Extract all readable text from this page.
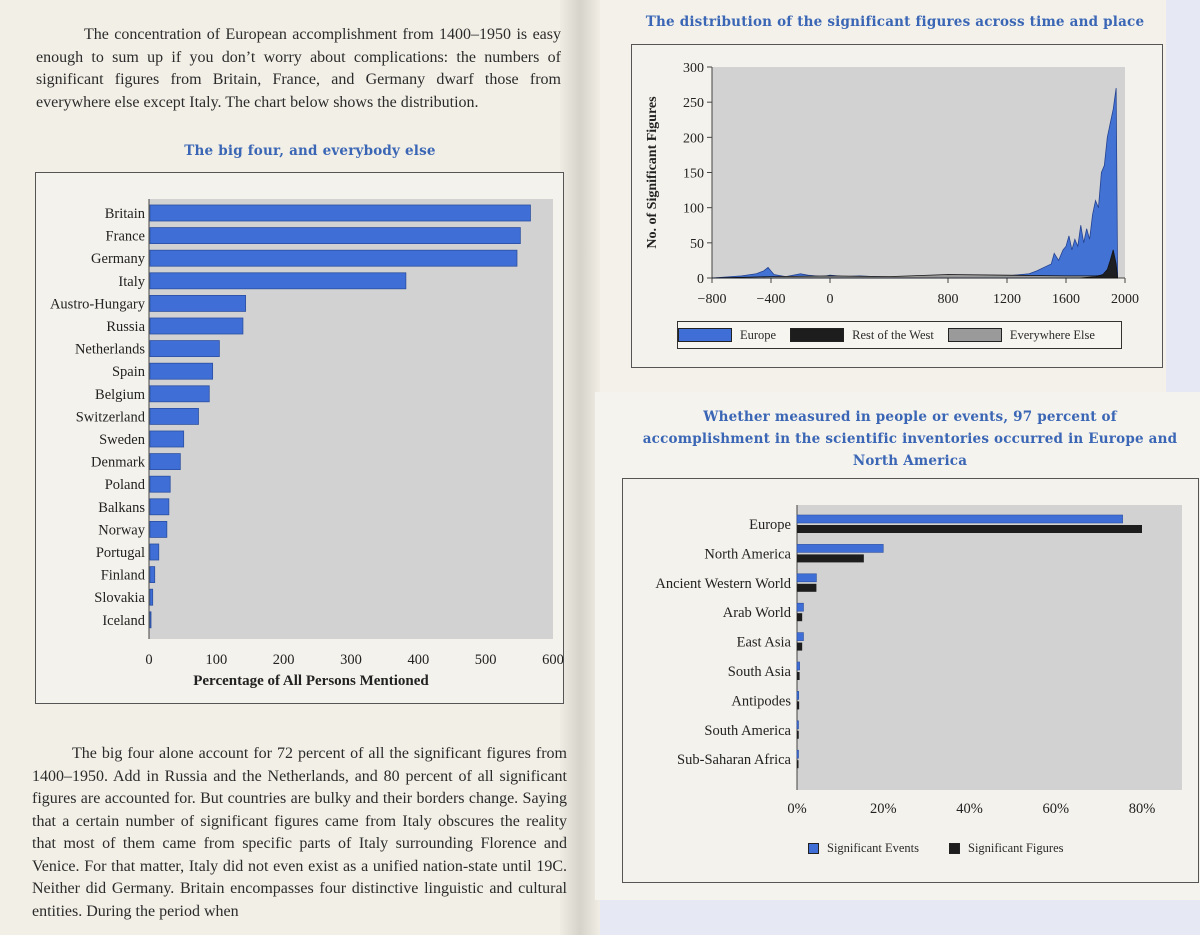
The concentration of European accomplishment from 1400–1950 is easy enough to sum up if you don’t worry about complications: the numbers of significant figures from Britain, France, and Germany dwarf those from everywhere else except Italy. The chart below shows the distribution.

The big four, and everybody else
Britain
France
Germany
Italy
Austro-Hungary
Russia
Netherlands
Spain
Belgium
Switzerland
Sweden
Denmark
Poland
Balkans
Norway
Portugal
Finland
Slovakia
Iceland
0	100	200	300	400	500	600
Percentage of All Persons Mentioned

The big four alone account for 72 percent of all the significant figures from 1400–1950. Add in Russia and the Netherlands, and 80 percent of all significant figures are accounted for. But countries are bulky and their borders change. Saying that a certain number of significant figures came from Italy obscures the reality that most of them came from specific parts of Italy surrounding Florence and Venice. For that matter, Italy did not even exist as a unified nation-state until 19C. Neither did Germany. Britain encompasses four distinctive linguistic and cultural entities. During the period when

The distribution of the significant figures across time and place
0
50
100
150
200
250
300
−800 −400	0	800 1200 1600 2000
No. of Significant Figures
Europe	Rest of the West	Everywhere Else
Whether measured in people or events, 97 percent of accomplishment in the scientific inventories occurred in Europe and North America
Europe
North America
Ancient Western World
Arab World
East Asia
South Asia
Antipodes
South America
Sub-Saharan Africa
0%	20%	40%	60%	80%
Significant Events	Significant Figures
